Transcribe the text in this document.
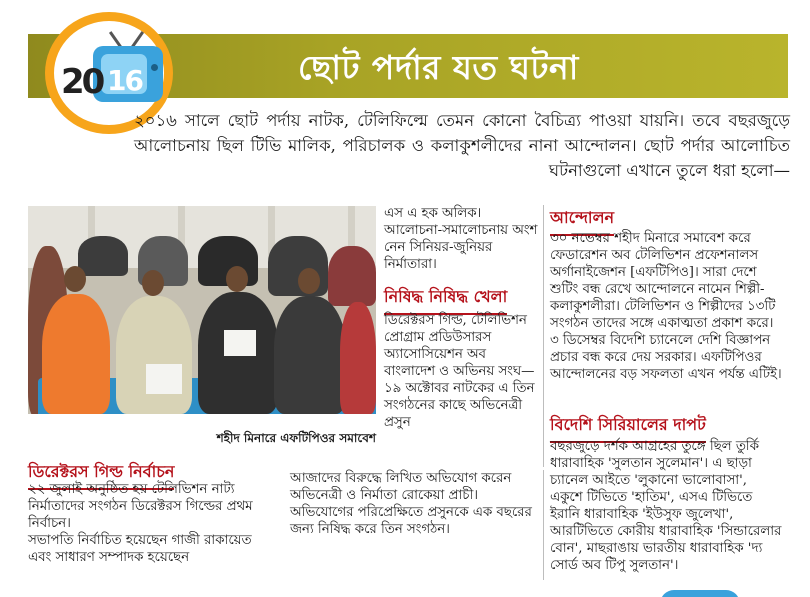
ছোট পর্দার যত ঘটনা
20 16

২০১৬ সালে ছোট পর্দায় নাটক, টেলিফিল্মে তেমন কোনো বৈচিত্র্য পাওয়া যায়নি। তবে বছরজুড়ে আলোচনায় ছিল টিভি মালিক, পরিচালক ও কলাকুশলীদের নানা আন্দোলন। ছোট পর্দার আলোচিত ঘটনাগুলো এখানে তুলে ধরা হলো—

শহীদ মিনারে এফটিপিওর সমাবেশ

এস এ হক অলিক। আলোচনা-সমালোচনায় অংশ নেন সিনিয়র-জুনিয়র নির্মাতারা।

নিষিদ্ধ নিষিদ্ধ খেলা

ডিরেক্টরস গিল্ড, টেলিভিশন প্রোগ্রাম প্রডিউসারস অ্যাসোসিয়েশন অব বাংলাদেশ ও অভিনয় সংঘ— ১৯ অক্টোবর নাটকের এ তিন সংগঠনের কাছে অভিনেত্রী প্রসুন

ডিরেক্টরস গিল্ড নির্বাচন

২২ জুলাই অনুষ্ঠিত হয় টেলিভিশন নাট্য নির্মাতাদের সংগঠন ডিরেক্টরস গিল্ডের প্রথম নির্বাচন।

সভাপতি নির্বাচিত হয়েছেন গাজী রাকায়েত এবং সাধারণ সম্পাদক হয়েছেন

আজাদের বিরুদ্ধে লিখিত অভিযোগ করেন অভিনেত্রী ও নির্মাতা রোকেয়া প্রাচী।

অভিযোগের পরিপ্রেক্ষিতে প্রসুনকে এক বছরের জন্য নিষিদ্ধ করে তিন সংগঠন।

আন্দোলন

৩০ নভেম্বর শহীদ মিনারে সমাবেশ করে ফেডারেশন অব টেলিভিশন প্রফেশনালস অর্গানাইজেশন [এফটিপিও]। সারা দেশে শুটিং বন্ধ রেখে আন্দোলনে নামেন শিল্পী-কলাকুশলীরা। টেলিভিশন ও শিল্পীদের ১৩টি সংগঠন তাদের সঙ্গে একাত্মতা প্রকাশ করে। ৩ ডিসেম্বর বিদেশি চ্যানেলে দেশি বিজ্ঞাপন প্রচার বন্ধ করে দেয় সরকার। এফটিপিওর আন্দোলনের বড় সফলতা এখন পর্যন্ত এটিই।

বিদেশি সিরিয়ালের দাপট

বছরজুড়ে দর্শক আগ্রহের তুঙ্গে ছিল তুর্কি ধারাবাহিক 'সুলতান সুলেমান'। এ ছাড়া চ্যানেল আইতে 'লুকানো ভালোবাসা', একুশে টিভিতে 'হাতিম', এসএ টিভিতে ইরানি ধারাবাহিক 'ইউসুফ জুলেখা', আরটিভিতে কোরীয় ধারাবাহিক 'সিন্ডারেলার বোন', মাছরাঙায় ভারতীয় ধারাবাহিক 'দ্য সোর্ড অব টিপু সুলতান'।
